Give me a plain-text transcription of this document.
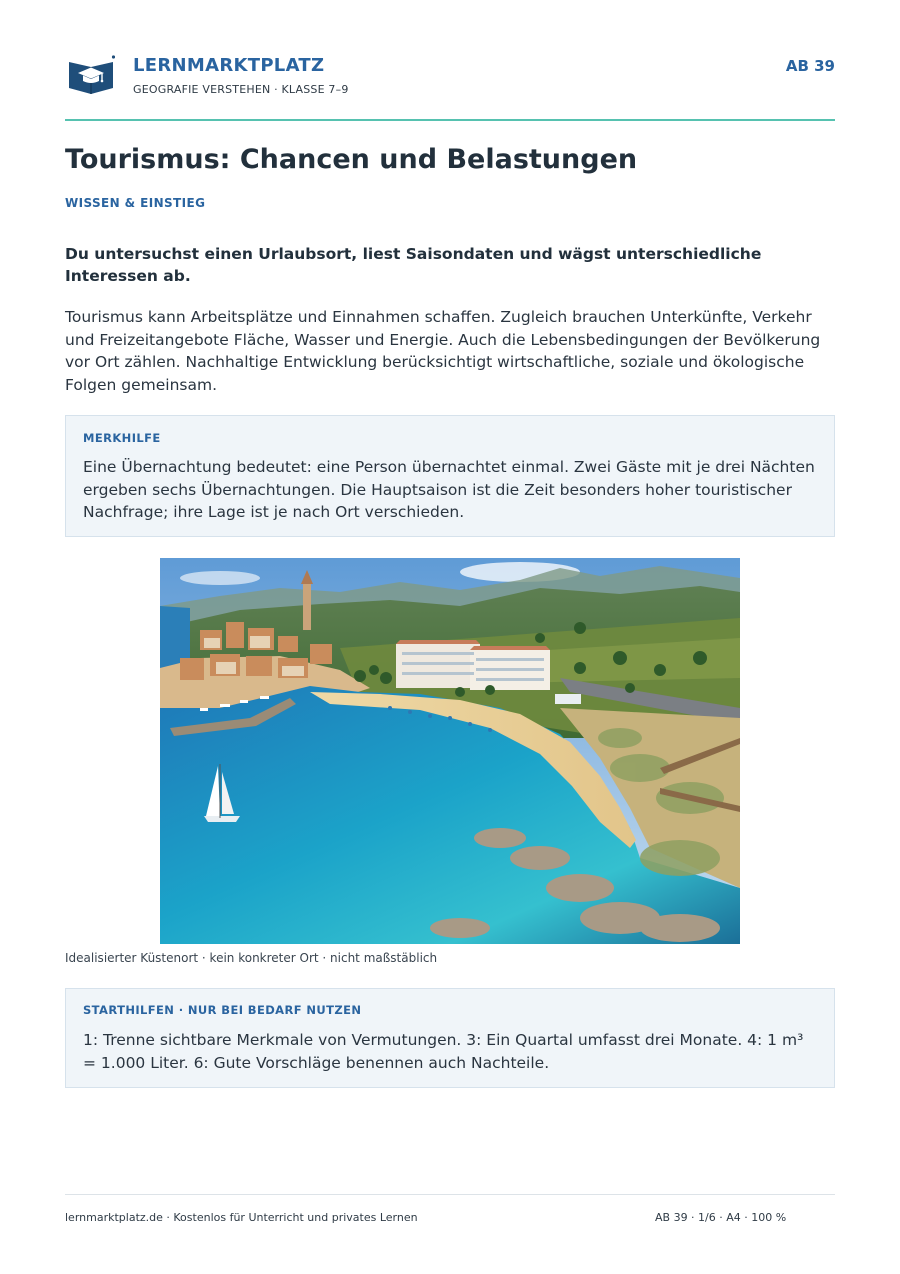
LERNMARKTPLATZ
GEOGRAFIE VERSTEHEN · KLASSE 7–9
AB 39
Tourismus: Chancen und Belastungen
WISSEN & EINSTIEG

Du untersuchst einen Urlaubsort, liest Saisondaten und wägst unterschiedliche Interessen ab.

Tourismus kann Arbeitsplätze und Einnahmen schaffen. Zugleich brauchen Unterkünfte, Verkehr und Freizeitangebote Fläche, Wasser und Energie. Auch die Lebensbedingungen der Bevölkerung vor Ort zählen. Nachhaltige Entwicklung berücksichtigt wirtschaftliche, soziale und ökologische Folgen gemeinsam.

MERKHILFE

Eine Übernachtung bedeutet: eine Person übernachtet einmal. Zwei Gäste mit je drei Nächten ergeben sechs Übernachtungen. Die Hauptsaison ist die Zeit besonders hoher touristischer Nachfrage; ihre Lage ist je nach Ort verschieden.

Idealisierter Küstenort · kein konkreter Ort · nicht maßstäblich
STARTHILFEN · NUR BEI BEDARF NUTZEN

1: Trenne sichtbare Merkmale von Vermutungen. 3: Ein Quartal umfasst drei Monate. 4: 1 m³ = 1.000 Liter. 6: Gute Vorschläge benennen auch Nachteile.

lernmarktplatz.de · Kostenlos für Unterricht und privates Lernen	AB 39 · 1/6 · A4 · 100 %
